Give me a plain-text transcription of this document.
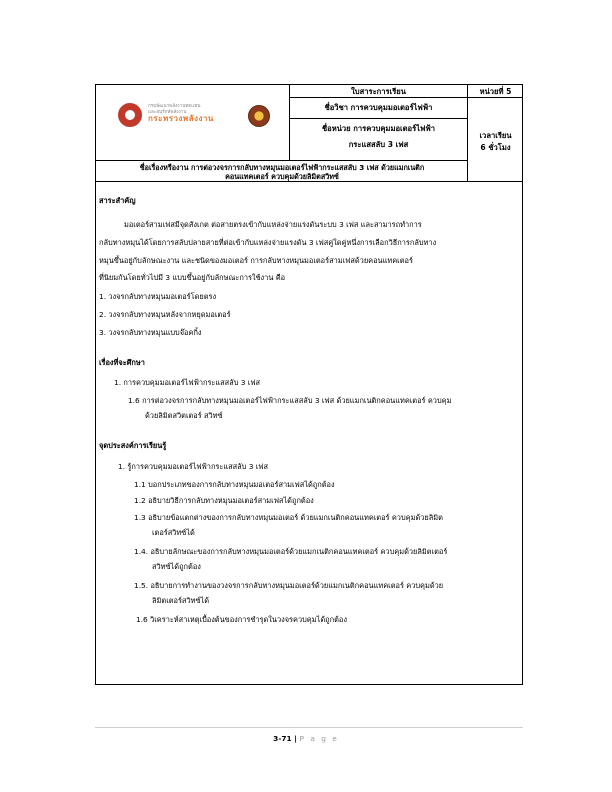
กรมพัฒนาพลังงานทดแทน
และอนุรักษ์พลังงาน
กระทรวงพลังงาน
ใบสาระการเรียน	หน่วยที่ 5
ชื่อวิชา การควบคุมมอเตอร์ไฟฟ้า
ชื่อหน่วย การควบคุมมอเตอร์ไฟฟ้า
กระแสสลับ 3 เฟส
เวลาเรียน
6 ชั่วโมง
ชื่อเรื่องหรืองาน การต่อวงจรการกลับทางหมุนมอเตอร์ไฟฟ้ากระแสสลับ 3 เฟส ด้วยแมกเนติก
คอนแทคเตอร์ ควบคุมด้วยลิมิตสวิทซ์
สาระสำคัญ
มอเตอร์สามเฟสมีจุดสังเกต ต่อสายตรงเข้ากับแหล่งจ่ายแรงดันระบบ 3 เฟส และสามารถทำการ
กลับทางหมุนได้โดยการสลับปลายสายที่ต่อเข้ากับแหล่งจ่ายแรงดัน 3 เฟสคู่ใดคู่หนึ่งการเลือกวิธีการกลับทาง
หมุนขึ้นอยู่กับลักษณะงาน และชนิดของมอเตอร์ การกลับทางหมุนมอเตอร์สามเฟสด้วยคอนแทคเตอร์
ที่นิยมกันโดยทั่วไปมี 3 แบบขึ้นอยู่กับลักษณะการใช้งาน คือ
1. วงจรกลับทางหมุนมอเตอร์โดยตรง
2. วงจรกลับทางหมุนหลังจากหยุดมอเตอร์
3. วงจรกลับทางหมุนแบบจ๊อคกิ้ง
เรื่องที่จะศึกษา
1. การควบคุมมอเตอร์ไฟฟ้ากระแสสลับ 3 เฟส
1.6 การต่อวงจรการกลับทางหมุนมอเตอร์ไฟฟ้ากระแสสลับ 3 เฟส ด้วยแมกเนติกคอนแทคเตอร์ ควบคุม
ด้วยลิมิตสวิตเตอร์ สวิทซ์
จุดประสงค์การเรียนรู้
1. รู้การควบคุมมอเตอร์ไฟฟ้ากระแสสลับ 3 เฟส
1.1 บอกประเภทของการกลับทางหมุนมอเตอร์สามเฟสได้ถูกต้อง
1.2 อธิบายวิธีการกลับทางหมุนมอเตอร์สามเฟสได้ถูกต้อง
1.3 อธิบายข้อแตกต่างของการกลับทางหมุนมอเตอร์ ด้วยแมกเนติกคอนแทคเตอร์ ควบคุมด้วยลิมิต
เตอร์สวิทซ์ได้
1.4. อธิบายลักษณะของการกลับทางหมุนมอเตอร์ด้วยแมกเนติกคอนแทคเตอร์ ควบคุมด้วยลิมิตเตอร์
สวิทซ์ได้ถูกต้อง
1.5. อธิบายการทำงานของวงจรการกลับทางหมุนมอเตอร์ด้วยแมกเนติกคอนแทคเตอร์ ควบคุมด้วย
ลิมิตเตอร์สวิทซ์ได้
1.6 วิเคราะห์สาเหตุเบื้องต้นของการชำรุดในวงจรควบคุมได้ถูกต้อง
3-71 | P a g e
